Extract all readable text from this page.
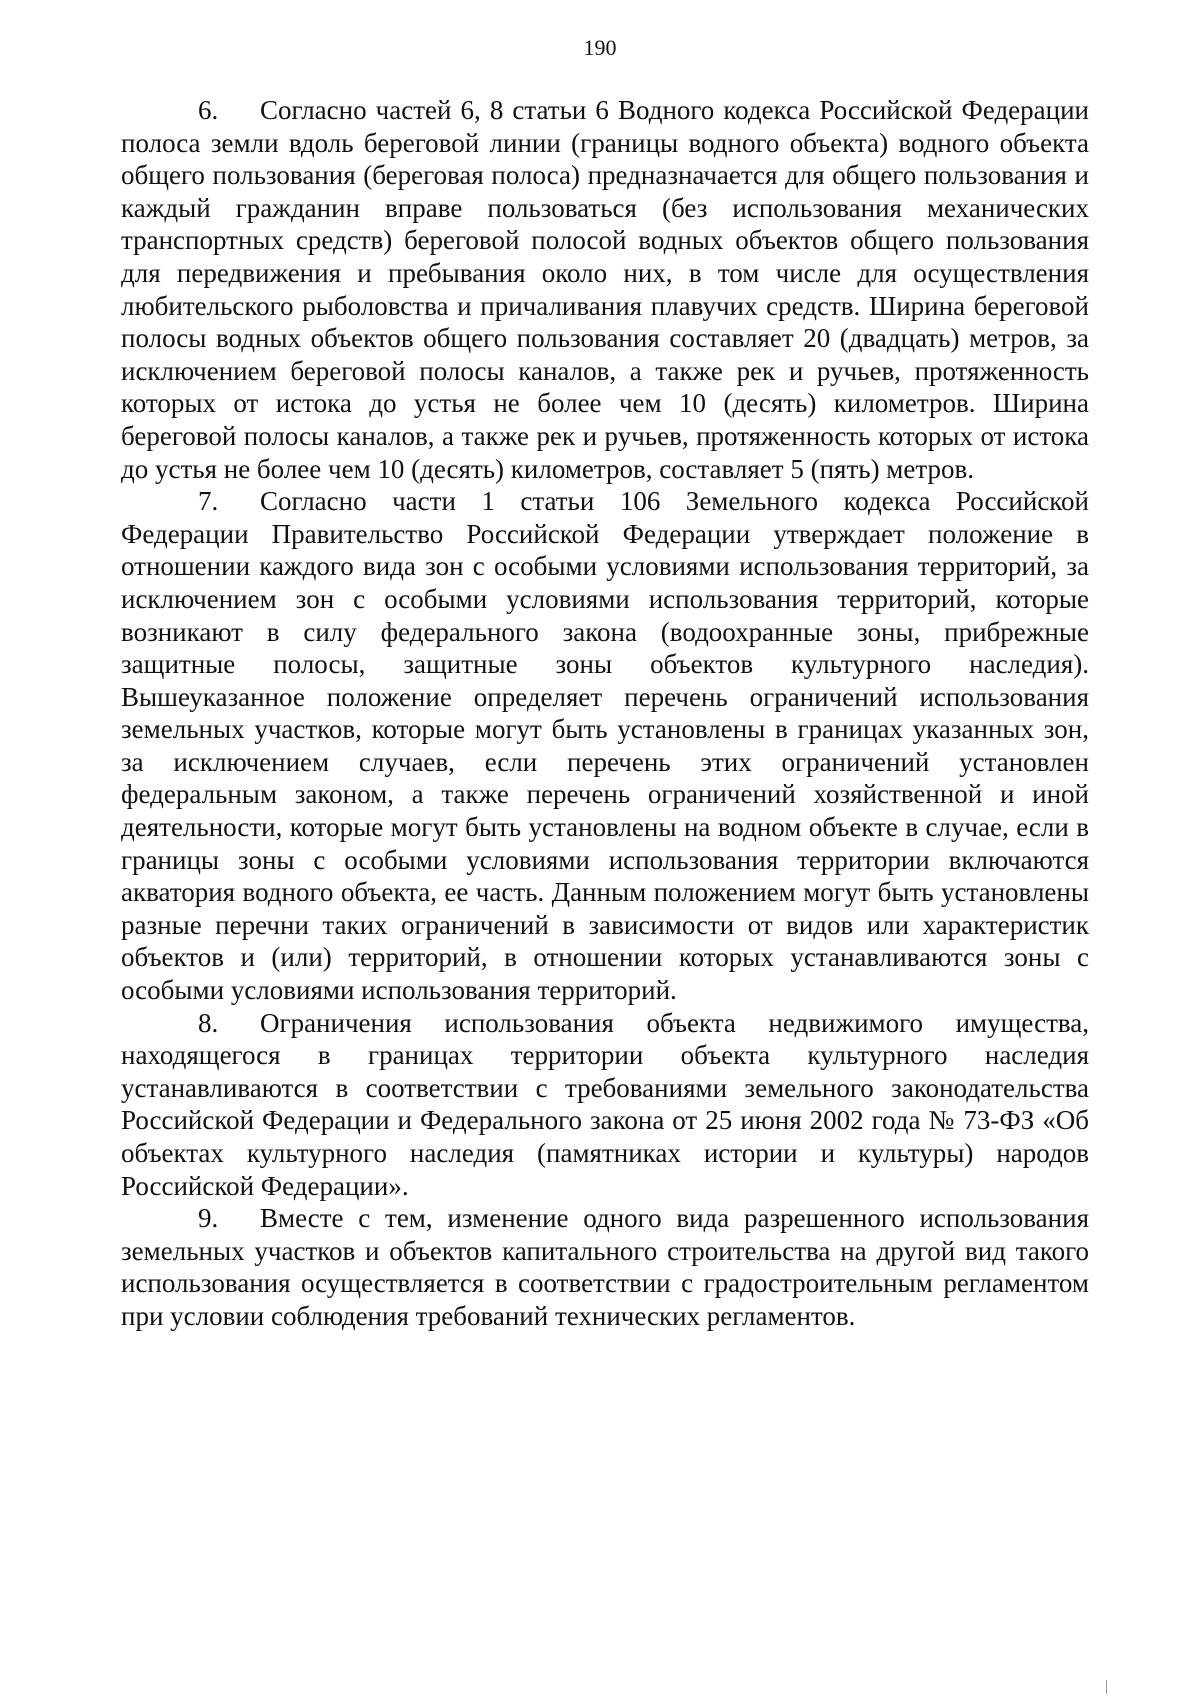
190

6. Согласно частей 6, 8 статьи 6 Водного кодекса Российской Федерации полоса земли вдоль береговой линии (границы водного объекта) водного объекта общего пользования (береговая полоса) предназначается для общего пользования и каждый гражданин вправе пользоваться (без использования механических транспортных средств) береговой полосой водных объектов общего пользования для передвижения и пребывания около них, в том числе для осуществления любительского рыболовства и причаливания плавучих средств. Ширина береговой полосы водных объектов общего пользования составляет 20 (двадцать) метров, за исключением береговой полосы каналов, а также рек и ручьев, протяженность которых от истока до устья не более чем 10 (десять) километров. Ширина береговой полосы каналов, а также рек и ручьев, протяженность которых от истока до устья не более чем 10 (десять) километров, составляет 5 (пять) метров.

7. Согласно части 1 статьи 106 Земельного кодекса Российской Федерации Правительство Российской Федерации утверждает положение в отношении каждого вида зон с особыми условиями использования территорий, за исключением зон с особыми условиями использования территорий, которые возникают в силу федерального закона (водоохранные зоны, прибрежные защитные полосы, защитные зоны объектов культурного наследия). Вышеуказанное положение определяет перечень ограничений использования земельных участков, которые могут быть установлены в границах указанных зон, за исключением случаев, если перечень этих ограничений установлен федеральным законом, а также перечень ограничений хозяйственной и иной деятельности, которые могут быть установлены на водном объекте в случае, если в границы зоны с особыми условиями использования территории включаются акватория водного объекта, ее часть. Данным положением могут быть установлены разные перечни таких ограничений в зависимости от видов или характеристик объектов и (или) территорий, в отношении которых устанавливаются зоны с особыми условиями использования территорий.

8. Ограничения использования объекта недвижимого имущества, находящегося в границах территории объекта культурного наследия устанавливаются в соответствии с требованиями земельного законодательства Российской Федерации и Федерального закона от 25 июня 2002 года № 73-ФЗ «Об объектах культурного наследия (памятниках истории и культуры) народов Российской Федерации».

9. Вместе с тем, изменение одного вида разрешенного использования земельных участков и объектов капитального строительства на другой вид такого использования осуществляется в соответствии с градостроительным регламентом при условии соблюдения требований технических регламентов.
